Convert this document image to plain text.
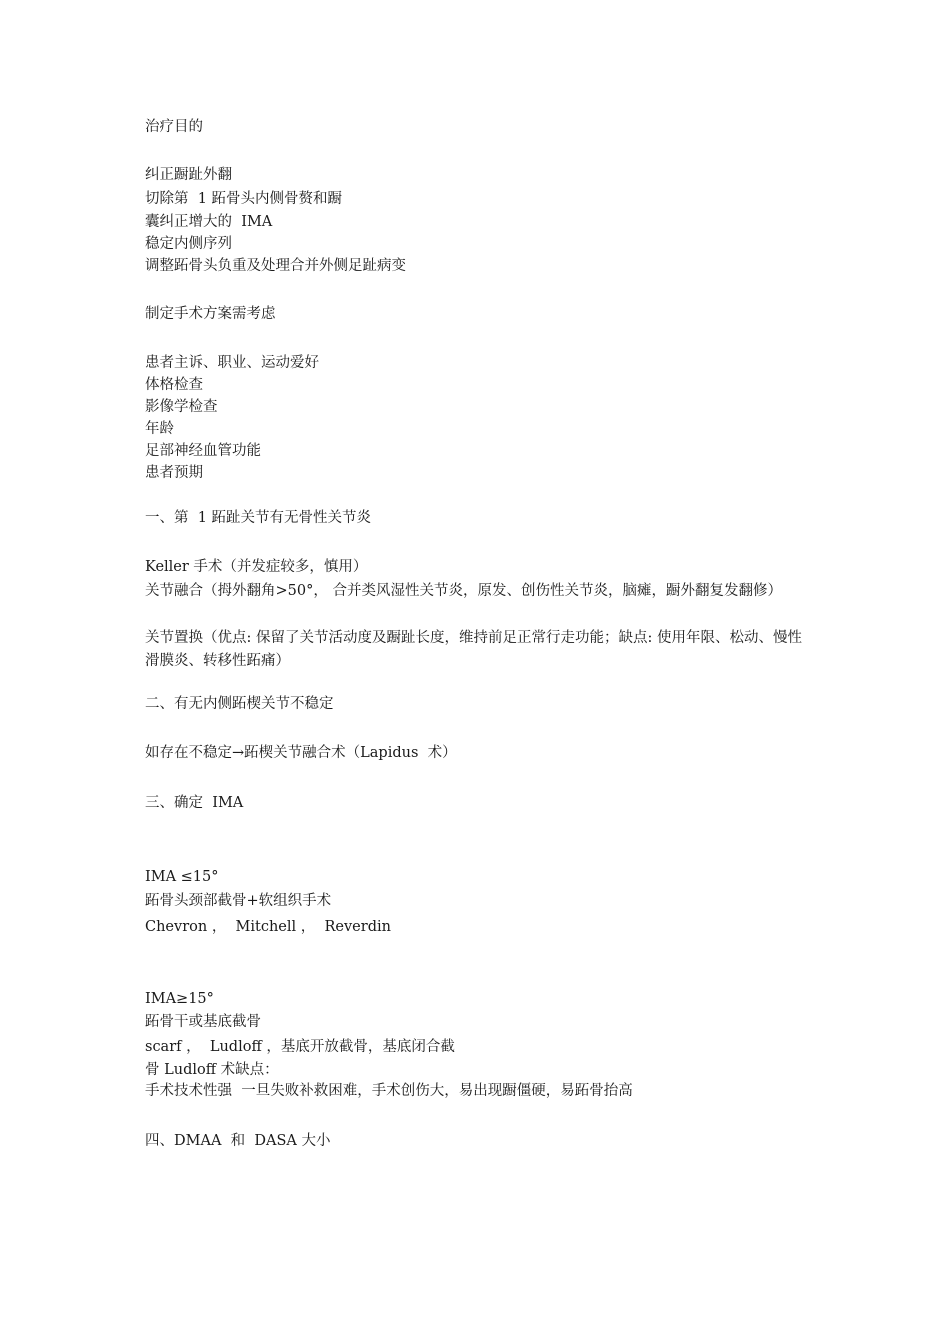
治疗目的

纠正蹰趾外翻

切除第  1 跖骨头内侧骨赘和蹰

囊纠正增大的  IMA

稳定内侧序列

调整跖骨头负重及处理合并外侧足趾病变

制定手术方案需考虑

患者主诉、职业、运动爱好

体格检查

影像学检查

年龄

足部神经血管功能

患者预期

一、第  1 跖趾关节有无骨性关节炎

Keller 手术（并发症较多，慎用）

关节融合（拇外翻角>50°， 合并类风湿性关节炎，原发、创伤性关节炎，脑瘫，蹰外翻复发翻修）

关节置换（优点: 保留了关节活动度及蹰趾长度，维持前足正常行走功能；缺点: 使用年限、松动、慢性滑膜炎、转移性跖痛）

二、有无内侧跖楔关节不稳定

如存在不稳定→跖楔关节融合术（Lapidus  术）

三、确定  IMA

IMA ≤15°

跖骨头颈部截骨+软组织手术

Chevron ，  Mitchell ，  Reverdin

IMA≥15°

跖骨干或基底截骨

scarf ，  Ludloff ，基底开放截骨，基底闭合截

骨 Ludloff 术缺点：

手术技术性强  一旦失败补救困难，手术创伤大，易出现蹰僵硬，易跖骨抬高

四、DMAA  和  DASA 大小
